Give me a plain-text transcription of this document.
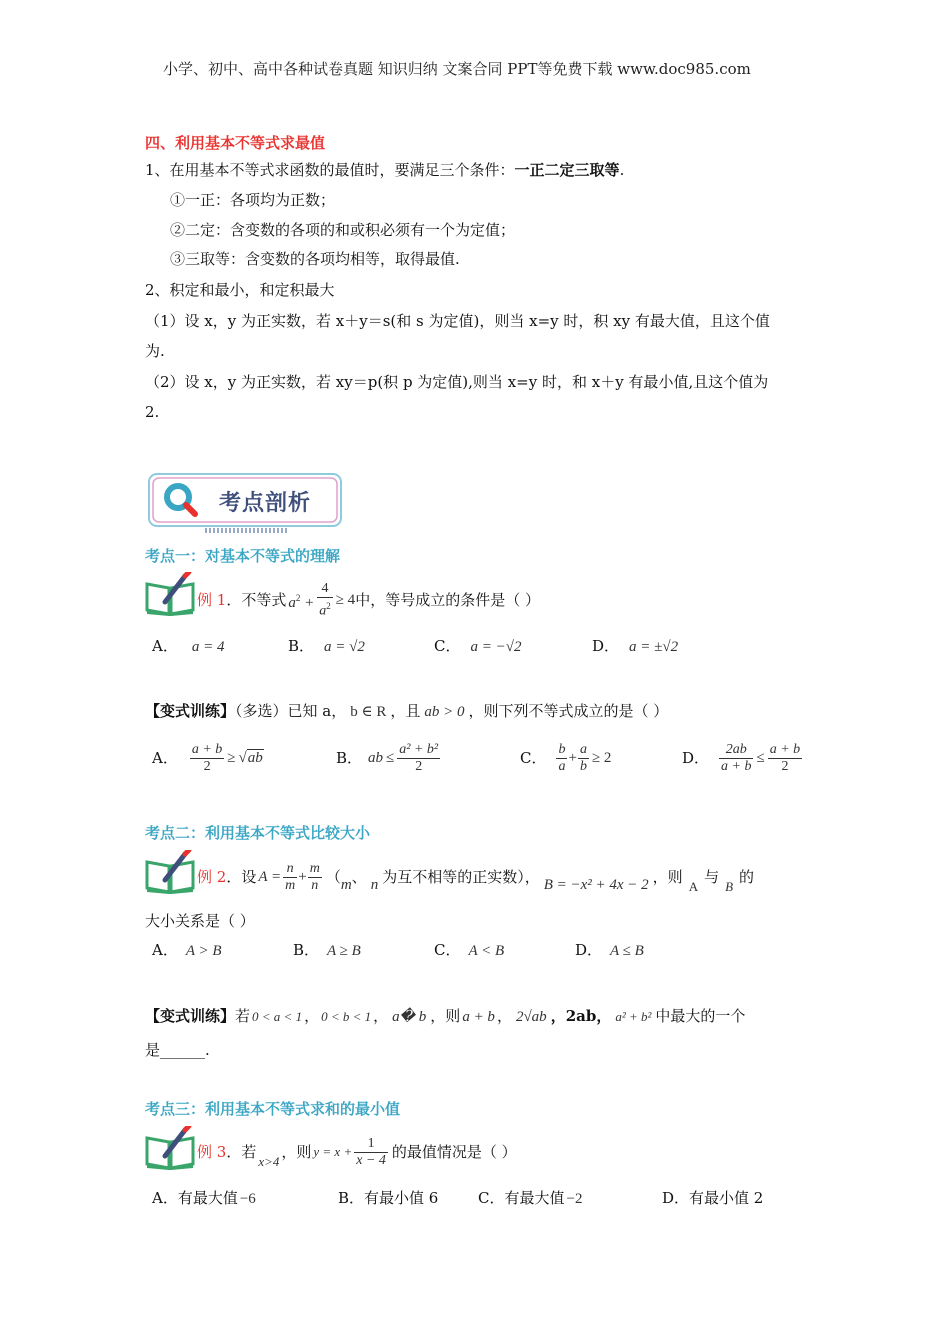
小学、初中、高中各种试卷真题 知识归纳 文案合同 PPT等免费下载 www.doc985.com
四、利用基本不等式求最值
1、在用基本不等式求函数的最值时，要满足三个条件：一正二定三取等.
①一正：各项均为正数；
②二定：含变数的各项的和或积必须有一个为定值；
③三取等：含变数的各项均相等，取得最值.
2、积定和最小，和定积最大
（1）设 x，y 为正实数，若 x＋y＝s(和 s 为定值)，则当 x=y 时，积 xy 有最大值，且这个值
为.
（2）设 x，y 为正实数，若 xy＝p(积 p 为定值),则当 x=y 时，和 x＋y 有最小值,且这个值为
2.
考点剖析
考点一：对基本不等式的理解
例 1 ．不等式 $a^2 + \frac{4}{a^2} \ge 4$ 中，等号成立的条件是（ ）
A． a = 4	B． a = √2	C． a = −√2	D． a = ±√2
【变式训练】（多选）已知 a， b ∈ R ，且 ab > 0 ，则下列不等式成立的是（ ）
A． $\frac{a + b}{2} \ge √ab$	B． ab ≤ $\frac{\text{a² + b²}}{2}$	C． $\frac{b}{a} + \frac{a}{b} \ge 2$	D． $\frac{2ab}{a + b} \le \frac{a + b}{2}$
考点二：利用基本不等式比较大小
例 2 ．设 $A = \frac{n}{m} + \frac{m}{n}$ （ m 、 n 为互不相等的正实数）， B = −x² + 4x − 2 ，则
A
与
B
的
大小关系是（ ）
A． A > B	B． A ≥ B	C． A < B	D． A ≤ B
【变式训练】若 0 < a < 1 ， 0 < b < 1 ， a� b ，则 a + b ， 2√ab ，2ab， a² + b² 中最大的一个
是______.
考点三：利用基本不等式求和的最小值
例 3 ．若
x>4
，则 $y = x + \frac{1}{x - 4}$ 的最值情况是（ ）
A．有最大值 −6	B．有最小值 6	C．有最大值 −2	D．有最小值 2
